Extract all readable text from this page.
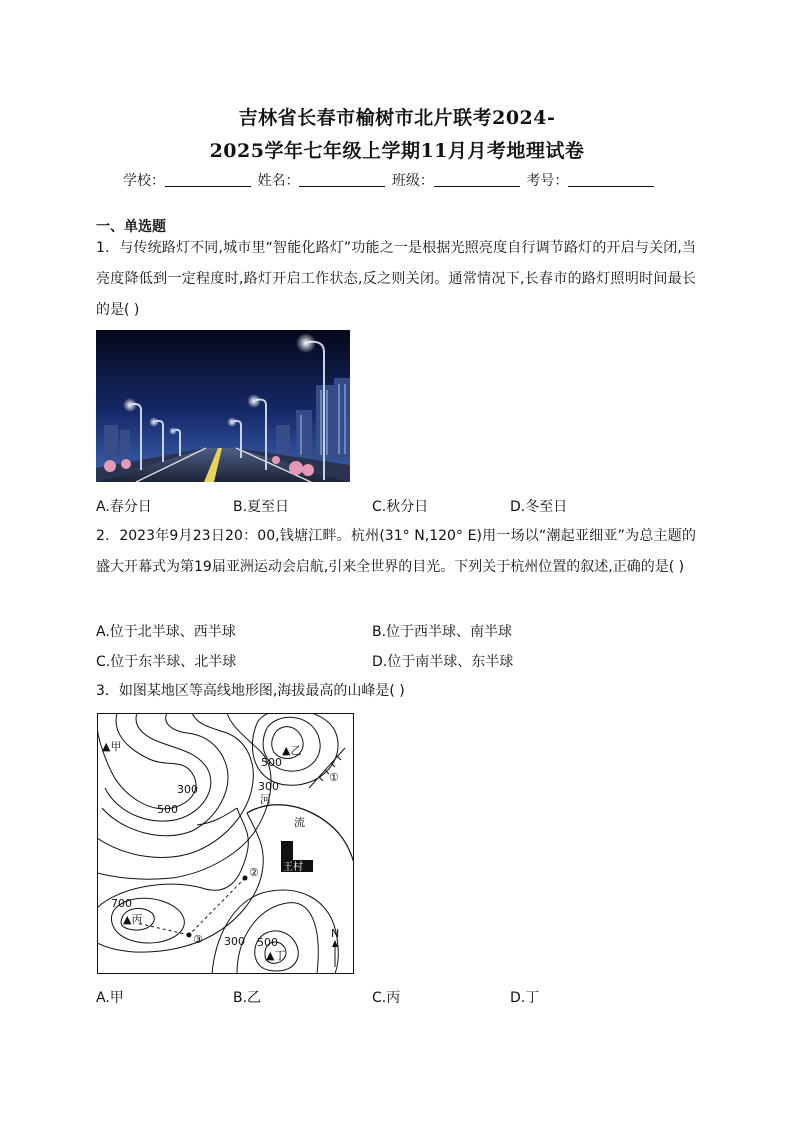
吉林省长春市榆树市北片联考2024-
2025学年七年级上学期11月月考地理试卷
学校：	姓名：	班级：	考号：
一、单选题
1．与传统路灯不同,城市里“智能化路灯”功能之一是根据光照亮度自行调节路灯的开启与关闭,当亮度降低到一定程度时,路灯开启工作状态,反之则关闭。通常情况下,长春市的路灯照明时间最长的是( )
A.春分日	B.夏至日	C.秋分日	D.冬至日
2．2023年9月23日20：00,钱塘江畔。杭州(31° N,120° E)用一场以“潮起亚细亚”为总主题的盛大开幕式为第19届亚洲运动会启航,引来全世界的目光。下列关于杭州位置的叙述,正确的是( )
A.位于北半球、西半球	B.位于西半球、南半球
C.位于东半球、北半球	D.位于南半球、东半球
3．如图某地区等高线地形图,海拔最高的山峰是( )
▲甲	▲乙
▲丙
▲丁
500
300	300
500
700
300 500
河
流
①
②
③	N
王村
A.甲	B.乙	C.丙	D.丁
